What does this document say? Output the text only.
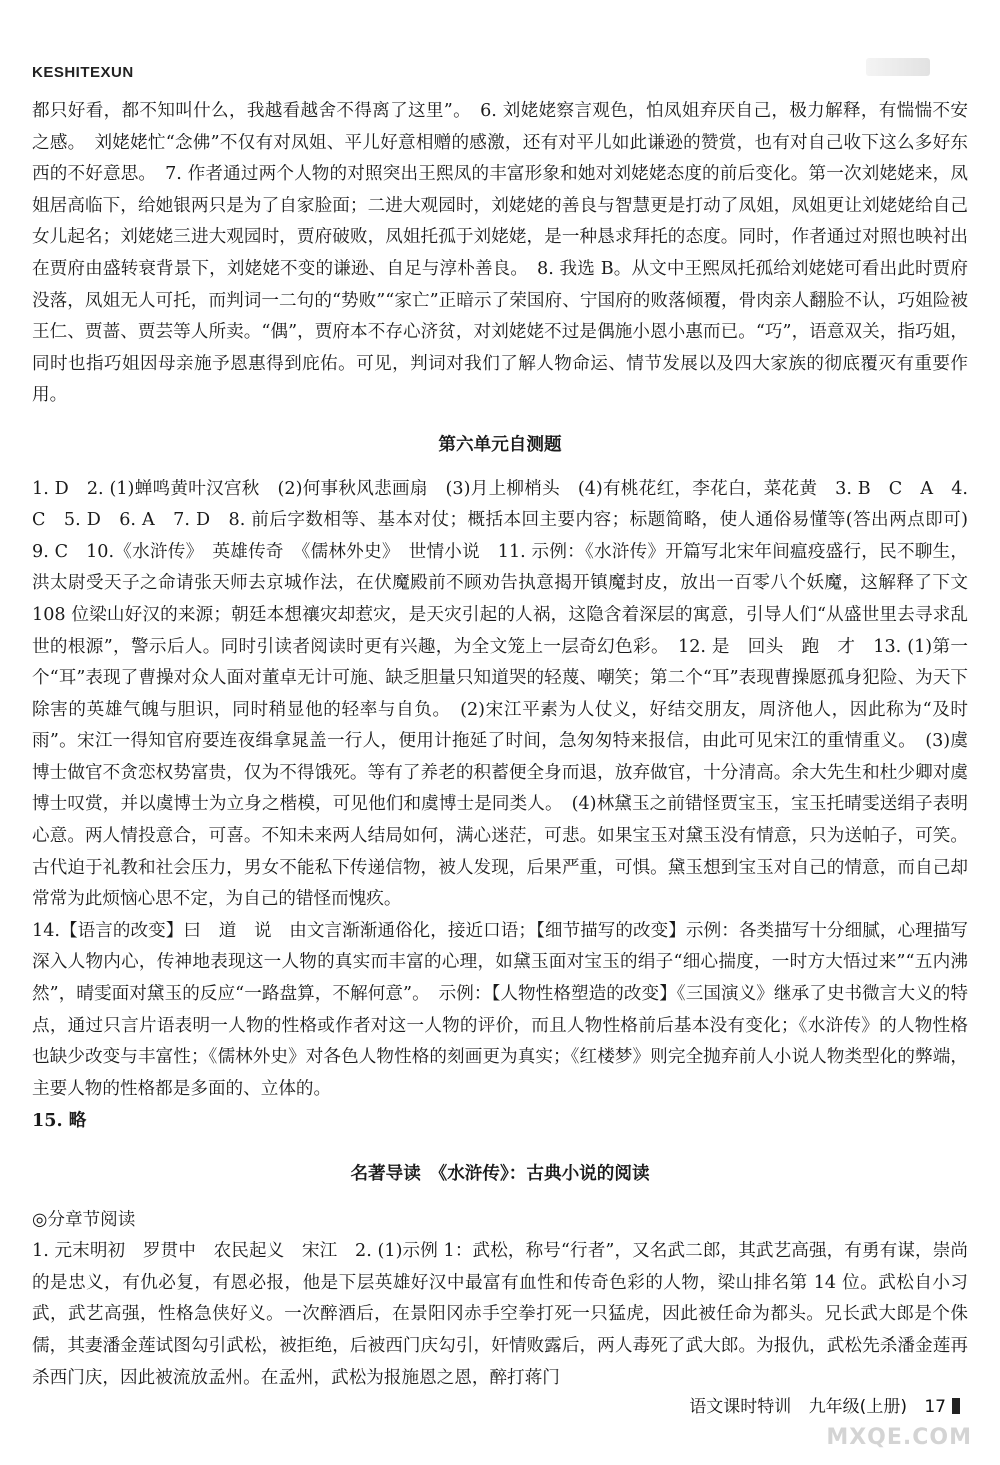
KESHITEXUN

都只好看，都不知叫什么，我越看越舍不得离了这里”。　6. 刘姥姥察言观色，怕凤姐弃厌自己，极力解释，有惴惴不安之感。　刘姥姥忙“念佛”不仅有对凤姐、平儿好意相赠的感激，还有对平儿如此谦逊的赞赏，也有对自己收下这么多好东西的不好意思。　7. 作者通过两个人物的对照突出王熙凤的丰富形象和她对刘姥姥态度的前后变化。第一次刘姥姥来，凤姐居高临下，给她银两只是为了自家脸面；二进大观园时，刘姥姥的善良与智慧更是打动了凤姐，凤姐更让刘姥姥给自己女儿起名；刘姥姥三进大观园时，贾府破败，凤姐托孤于刘姥姥，是一种恳求拜托的态度。同时，作者通过对照也映衬出在贾府由盛转衰背景下，刘姥姥不变的谦逊、自足与淳朴善良。　8. 我选 B。从文中王熙凤托孤给刘姥姥可看出此时贾府没落，凤姐无人可托，而判词一二句的“势败”“家亡”正暗示了荣国府、宁国府的败落倾覆，骨肉亲人翻脸不认，巧姐险被王仁、贾蔷、贾芸等人所卖。“偶”，贾府本不存心济贫，对刘姥姥不过是偶施小恩小惠而已。“巧”，语意双关，指巧姐，同时也指巧姐因母亲施予恩惠得到庇佑。可见，判词对我们了解人物命运、情节发展以及四大家族的彻底覆灭有重要作用。

第六单元自测题

1. D　2. (1)蝉鸣黄叶汉宫秋　(2)何事秋风悲画扇　(3)月上柳梢头　(4)有桃花红，李花白，菜花黄　3. B　C　A　4. C　5. D　6. A　7. D　8. 前后字数相等、基本对仗；概括本回主要内容；标题简略，使人通俗易懂等(答出两点即可)　9. C　10.《水浒传》　英雄传奇　《儒林外史》　世情小说　11. 示例：《水浒传》开篇写北宋年间瘟疫盛行，民不聊生，洪太尉受天子之命请张天师去京城作法，在伏魔殿前不顾劝告执意揭开镇魔封皮，放出一百零八个妖魔，这解释了下文 108 位梁山好汉的来源；朝廷本想禳灾却惹灾，是天灾引起的人祸，这隐含着深层的寓意，引导人们“从盛世里去寻求乱世的根源”，警示后人。同时引读者阅读时更有兴趣，为全文笼上一层奇幻色彩。　12. 是　回头　跑　才　13. (1)第一个“耳”表现了曹操对众人面对董卓无计可施、缺乏胆量只知道哭的轻蔑、嘲笑；第二个“耳”表现曹操愿孤身犯险、为天下除害的英雄气魄与胆识，同时稍显他的轻率与自负。　(2)宋江平素为人仗义，好结交朋友，周济他人，因此称为“及时雨”。宋江一得知官府要连夜缉拿晁盖一行人，便用计拖延了时间，急匆匆特来报信，由此可见宋江的重情重义。　(3)虞博士做官不贪恋权势富贵，仅为不得饿死。等有了养老的积蓄便全身而退，放弃做官，十分清高。余大先生和杜少卿对虞博士叹赏，并以虞博士为立身之楷模，可见他们和虞博士是同类人。　(4)林黛玉之前错怪贾宝玉，宝玉托晴雯送绢子表明心意。两人情投意合，可喜。不知未来两人结局如何，满心迷茫，可悲。如果宝玉对黛玉没有情意，只为送帕子，可笑。古代迫于礼教和社会压力，男女不能私下传递信物，被人发现，后果严重，可惧。黛玉想到宝玉对自己的情意，而自己却常常为此烦恼心思不定，为自己的错怪而愧疚。

14.【语言的改变】曰　道　说　由文言渐渐通俗化，接近口语；【细节描写的改变】示例：各类描写十分细腻，心理描写深入人物内心，传神地表现这一人物的真实而丰富的心理，如黛玉面对宝玉的绢子“细心揣度，一时方大悟过来”“五内沸然”，晴雯面对黛玉的反应“一路盘算，不解何意”。　示例：【人物性格塑造的改变】《三国演义》继承了史书微言大义的特点，通过只言片语表明一人物的性格或作者对这一人物的评价，而且人物性格前后基本没有变化；《水浒传》的人物性格也缺少改变与丰富性；《儒林外史》对各色人物性格的刻画更为真实；《红楼梦》则完全抛弃前人小说人物类型化的弊端，主要人物的性格都是多面的、立体的。

15. 略

名著导读　《水浒传》：古典小说的阅读

◎分章节阅读

1. 元末明初　罗贯中　农民起义　宋江　2. (1)示例 1：武松，称号“行者”，又名武二郎，其武艺高强，有勇有谋，崇尚的是忠义，有仇必复，有恩必报，他是下层英雄好汉中最富有血性和传奇色彩的人物，梁山排名第 14 位。武松自小习武，武艺高强，性格急侠好义。一次醉酒后，在景阳冈赤手空拳打死一只猛虎，因此被任命为都头。兄长武大郎是个侏儒，其妻潘金莲试图勾引武松，被拒绝，后被西门庆勾引，奸情败露后，两人毒死了武大郎。为报仇，武松先杀潘金莲再杀西门庆，因此被流放孟州。在孟州，武松为报施恩之恩，醉打蒋门

语文课时特训 九年级(上册) 17
MXQE.COM
